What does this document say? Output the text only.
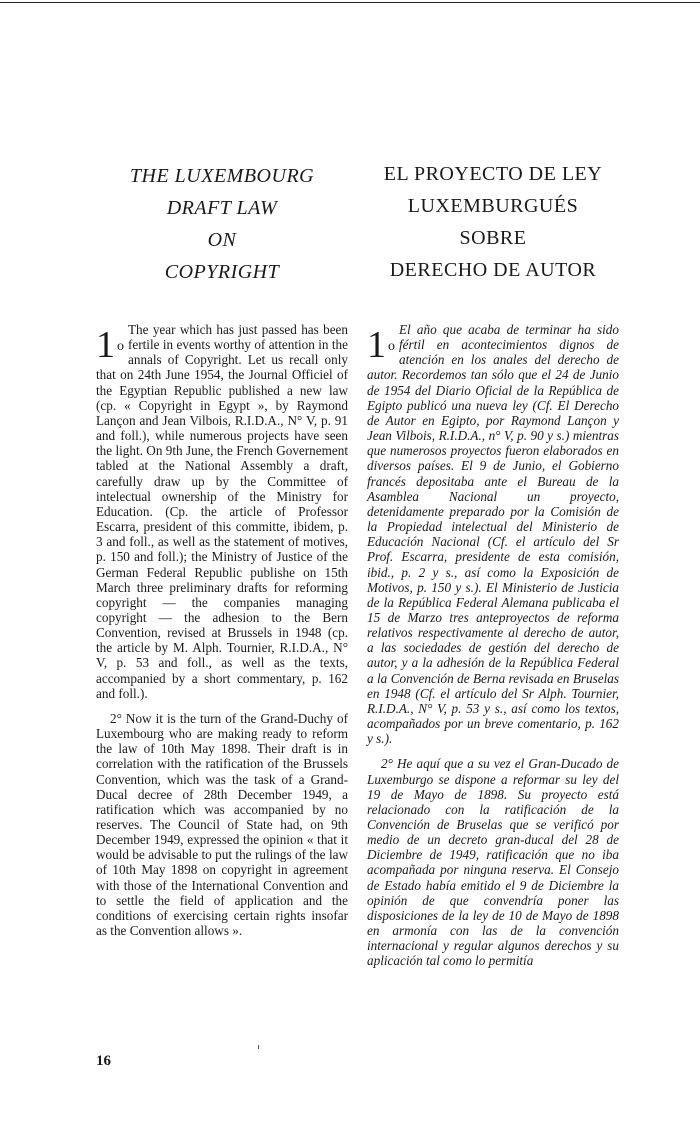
THE LUXEMBOURG
DRAFT LAW
ON
COPYRIGHT
EL PROYECTO DE LEY
LUXEMBURGUÉS
SOBRE
DERECHO DE AUTOR

1 $^o$
The year which has just passed has been fertile in events worthy of attention in the annals of Copyright. Let us recall only that on 24th June 1954, the Journal Officiel of the Egyptian Republic published a new law (cp. « Copyright in Egypt », by Raymond Lançon and Jean Vilbois, R.I.D.A., N° V, p. 91 and foll.), while numerous projects have seen the light. On 9th June, the French Governement tabled at the National Assembly a draft, carefully draw up by the Committee of intelectual ownership of the Ministry for Education. (Cp. the article of Professor Escarra, president of this committe, ibidem, p. 3 and foll., as well as the statement of motives, p. 150 and foll.); the Ministry of Justice of the German Federal Republic publishe on 15th March three preliminary drafts for reforming copyright — the companies managing copyright — the adhesion to the Bern Convention, revised at Brussels in 1948 (cp. the article by M. Alph. Tournier, R.I.D.A., N° V, p. 53 and foll., as well as the texts, accompanied by a short commentary, p. 162 and foll.).

2° Now it is the turn of the Grand-Duchy of Luxembourg who are making ready to reform the law of 10th May 1898. Their draft is in correlation with the ratification of the Brussels Convention, which was the task of a Grand-Ducal decree of 28th December 1949, a ratification which was accompanied by no reserves. The Council of State had, on 9th December 1949, expressed the opinion « that it would be advisable to put the rulings of the law of 10th May 1898 on copyright in agreement with those of the International Convention and to settle the field of application and the conditions of exercising certain rights insofar as the Convention allows ».

1 $^o$
El año que acaba de terminar ha sido fértil en acontecimientos dignos de atención en los anales del derecho de autor. Recordemos tan sólo que el 24 de Junio de 1954 del Diario Oficial de la República de Egipto publicó una nueva ley (Cf. El Derecho de Autor en Egipto, por Raymond Lançon y Jean Vilbois, R.I.D.A., n° V, p. 90 y s.) mientras que numerosos proyectos fueron elaborados en diversos países. El 9 de Junio, el Gobierno francés depositaba ante el Bureau de la Asamblea Nacional un proyecto, detenidamente preparado por la Comisión de la Propiedad intelectual del Ministerio de Educación Nacional (Cf. el artículo del Sr Prof. Escarra, presidente de esta comisión, ibid., p. 2 y s., así como la Exposición de Motivos, p. 150 y s.). El Ministerio de Justicia de la República Federal Alemana publicaba el 15 de Marzo tres anteproyectos de reforma relativos respectivamente al derecho de autor, a las sociedades de gestión del derecho de autor, y a la adhesión de la República Federal a la Convención de Berna revisada en Bruselas en 1948 (Cf. el artículo del Sr Alph. Tournier, R.I.D.A., N° V, p. 53 y s., así como los textos, acompañados por un breve comentario, p. 162 y s.).

2° He aquí que a su vez el Gran-Ducado de Luxemburgo se dispone a reformar su ley del 19 de Mayo de 1898. Su proyecto está relacionado con la ratificación de la Convención de Bruselas que se verificó por medio de un decreto gran-ducal del 28 de Diciembre de 1949, ratificación que no iba acompañada por ninguna reserva. El Consejo de Estado había emitido el 9 de Diciembre la opinión de que convendría poner las disposiciones de la ley de 10 de Mayo de 1898 en armonía con las de la convención internacional y regular algunos derechos y su aplicación tal como lo permitía

16
